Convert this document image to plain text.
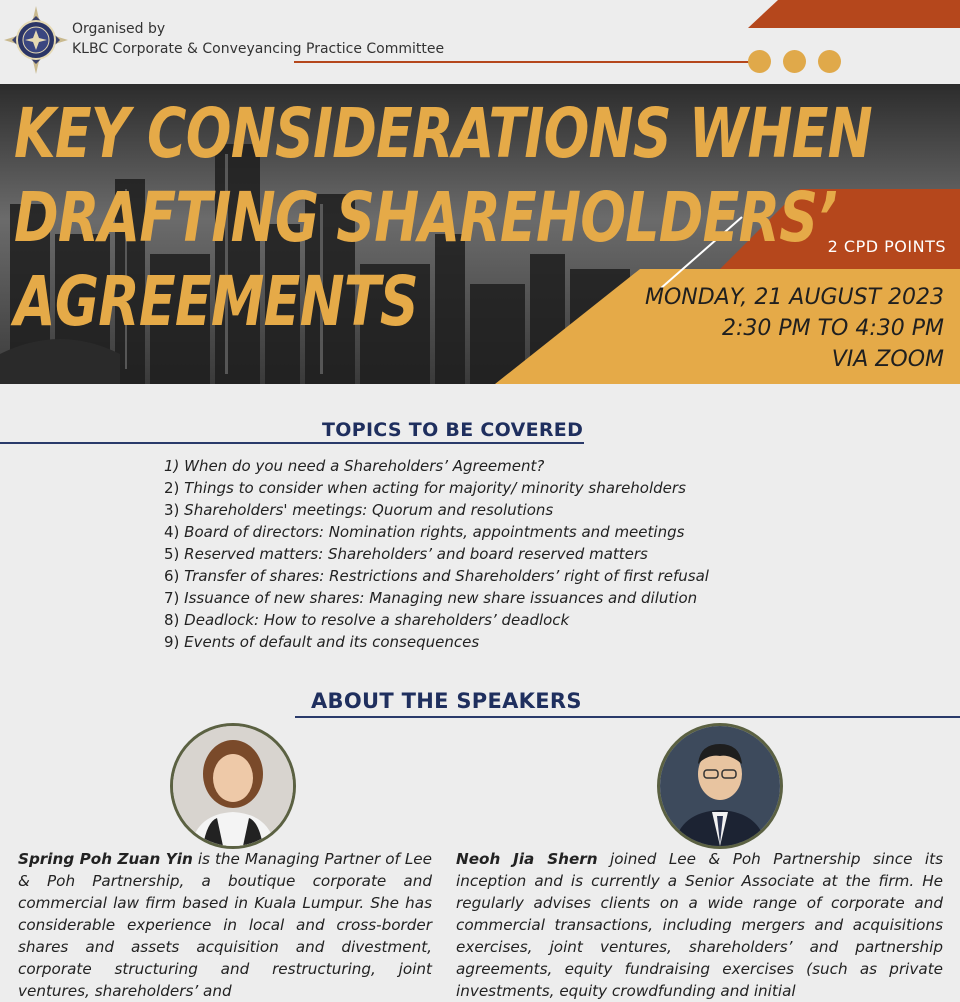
Organised by
KLBC Corporate & Conveyancing Practice Committee
KEY CONSIDERATIONS WHEN
DRAFTING SHAREHOLDERS’
AGREEMENTS
2 CPD POINTS
MONDAY, 21 AUGUST 2023
2:30 PM TO 4:30 PM
VIA ZOOM
TOPICS TO BE COVERED
1) When do you need a Shareholders’ Agreement?
2) Things to consider when acting for majority/ minority shareholders
3) Shareholders' meetings: Quorum and resolutions
4) Board of directors: Nomination rights, appointments and meetings
5) Reserved matters: Shareholders’ and board reserved matters
6) Transfer of shares: Restrictions and Shareholders’ right of first refusal
7) Issuance of new shares: Managing new share issuances and dilution
8) Deadlock: How to resolve a shareholders’ deadlock
9) Events of default and its consequences
ABOUT THE SPEAKERS

Spring Poh Zuan Yin is the Managing Partner of Lee & Poh Partnership, a boutique corporate and commercial law firm based in Kuala Lumpur. She has considerable experience in local and cross-border shares and assets acquisition and divestment, corporate structuring and restructuring, joint ventures, shareholders’ and

Neoh Jia Shern joined Lee & Poh Partnership since its inception and is currently a Senior Associate at the firm. He regularly advises clients on a wide range of corporate and commercial transactions, including mergers and acquisitions exercises, joint ventures, shareholders’ and partnership agreements, equity fundraising exercises (such as private investments, equity crowdfunding and initial
